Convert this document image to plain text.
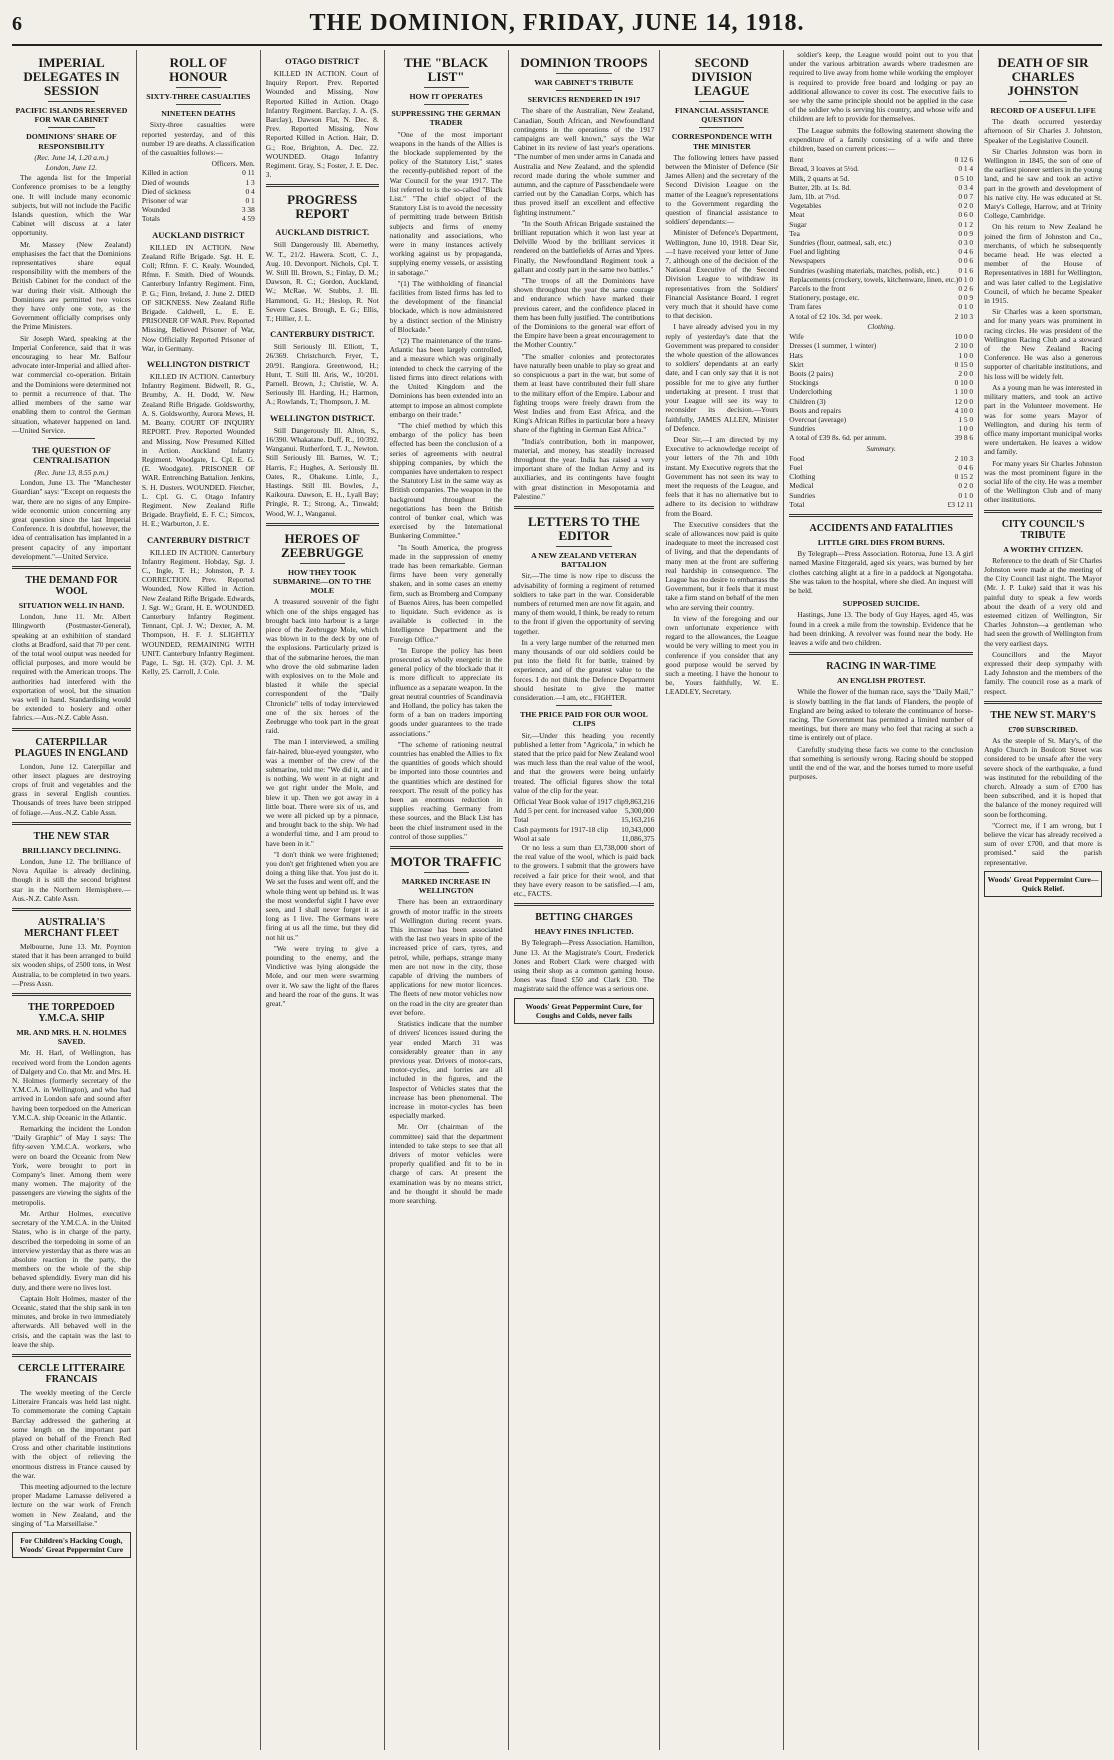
6	THE DOMINION, FRIDAY, JUNE 14, 1918.
IMPERIAL DELEGATES IN SESSION
PACIFIC ISLANDS RESERVED FOR WAR CABINET
DOMINIONS' SHARE OF RESPONSIBILITY
(Rec. June 14, 1.20 a.m.)
London, June 12.

The agenda list for the Imperial Conference promises to be a lengthy one. It will include many economic subjects, but will not include the Pacific Islands question, which the War Cabinet will discuss at a later opportunity.

Mr. Massey (New Zealand) emphasises the fact that the Dominions representatives share equal responsibility with the members of the British Cabinet for the conduct of the war during their visit. Although the Dominions are permitted two voices they have only one vote, as the Government officially comprises only the Prime Ministers.

Sir Joseph Ward, speaking at the Imperial Conference, said that it was encouraging to hear Mr. Balfour advocate inter-Imperial and allied after-war commercial co-operation. Britain and the Dominions were determined not to permit a recurrence of that. The allied members of the same war enabling them to control the German situation, whatever happened on land.—United Service.

THE QUESTION OF CENTRALISATION
(Rec. June 13, 8.55 p.m.)

London, June 13. The "Manchester Guardian" says: "Except on requests the war, there are no signs of any Empire-wide economic union concerning any great question since the last Imperial Conference. It is doubtful, however, the idea of centralisation has implanted in a present capacity of any important development."—United Service.

THE DEMAND FOR WOOL
SITUATION WELL IN HAND.

London, June 11. Mr. Albert Illingworth (Postmaster-General), speaking at an exhibition of standard cloths at Bradford, said that 70 per cent. of the total wool output was needed for official purposes, and more would be required with the American troops. The authorities had interfered with the exportation of wool, but the situation was well in hand. Standardising would be extended to hosiery and other fabrics.—Aus.-N.Z. Cable Assn.

CATERPILLAR PLAGUES IN ENGLAND

London, June 12. Caterpillar and other insect plagues are destroying crops of fruit and vegetables and the grass in several English counties. Thousands of trees have been stripped of foliage.—Aus.-N.Z. Cable Assn.

THE NEW STAR
BRILLIANCY DECLINING.

London, June 12. The brilliance of Nova Aquilae is already declining, though it is still the second brightest star in the Northern Hemisphere.—Aus.-N.Z. Cable Assn.

AUSTRALIA'S MERCHANT FLEET

Melbourne, June 13. Mr. Poynton stated that it has been arranged to build six wooden ships, of 2500 tons, in West Australia, to be completed in two years.—Press Assn.

THE TORPEDOED Y.M.C.A. SHIP
MR. AND MRS. H. N. HOLMES SAVED.

Mr. H. Harl, of Wellington, has received word from the London agents of Dalgety and Co. that Mr. and Mrs. H. N. Holmes (formerly secretary of the Y.M.C.A. in Wellington), and who had arrived in London safe and sound after having been torpedoed on the American Y.M.C.A. ship Oceanic in the Atlantic.

Remarking the incident the London "Daily Graphic" of May 1 says: The fifty-seven Y.M.C.A. workers, who were on board the Oceanic from New York, were brought to port in Company's liner. Among them were many women. The majority of the passengers are viewing the sights of the metropolis.

Mr. Arthur Holmes, executive secretary of the Y.M.C.A. in the United States, who is in charge of the party, described the torpedoing in some of an interview yesterday that as there was an absolute reaction in the party, the members on the whole of the ship behaved splendidly. Every man did his duty, and there were no lives lost.

Captain Holt Holmes, master of the Oceanic, stated that the ship sank in ten minutes, and broke in two immediately afterwards. All behaved well in the crisis, and the captain was the last to leave the ship.

CERCLE LITTERAIRE FRANCAIS

The weekly meeting of the Cercle Litteraire Francais was held last night. To commemorate the coming Captain Barclay addressed the gathering at some length on the important part played on behalf of the French Red Cross and other charitable institutions with the object of relieving the enormous distress in France caused by the war.

This meeting adjourned to the lecture proper Madame Lamasse delivered a lecture on the war work of French women in New Zealand, and the singing of "La Marseillaise."

For Children's Hacking Cough, Woods' Great Peppermint Cure
ROLL OF HONOUR
SIXTY-THREE CASUALTIES
NINETEEN DEATHS

Sixty-three casualties were reported yesterday, and of this number 19 are deaths. A classification of the casualties follows:—

Officers. Men.
Killed in action	0 11
Died of wounds	1 3
Died of sickness	0 4
Prisoner of war	0 1
Wounded	3 38
Totals	4 59
AUCKLAND DISTRICT

KILLED IN ACTION. New Zealand Rifle Brigade. Sgt. H. E. Coll; Rfmn. F. C. Kealy. Wounded, Rfmn. F. Smith. Died of Wounds. Canterbury Infantry Regiment. Finn, P. G.; Finn, Ireland, J. June 2. DIED OF SICKNESS. New Zealand Rifle Brigade. Caldwell, L. E. E. PRISONER OF WAR. Prev. Reported Missing, Believed Prisoner of War, Now Officially Reported Prisoner of War, in Germany.

WELLINGTON DISTRICT

KILLED IN ACTION. Canterbury Infantry Regiment. Bidwell, R. G., Brumby, A. H. Dodd, W. New Zealand Rifle Brigade. Goldsworthy, A. S. Goldsworthy, Aurora Mews, H. M. Beatty. COURT OF INQUIRY REPORT. Prev. Reported Wounded and Missing, Now Presumed Killed in Action. Auckland Infantry Regiment. Woodgate, L. Cpl. E. G. (E. Woodgate). PRISONER OF WAR. Entrenching Battalion. Jenkins, S. H. Dusters. WOUNDED. Fletcher, L. Cpl. G. C. Otago Infantry Regiment. New Zealand Rifle Brigade. Brayfield, E. F. C.; Simcox, H. E.; Warburton, J. E.

CANTERBURY DISTRICT

KILLED IN ACTION. Canterbury Infantry Regiment. Hobday, Sgt. J. C., Ingle, T. H.; Johnston, P. J. CORRECTION. Prev. Reported Wounded, Now Killed in Action. New Zealand Rifle Brigade. Edwards, J. Sgt. W.; Grant, H. E. WOUNDED. Canterbury Infantry Regiment. Tennant, Cpl. J. W.; Dexter, A. M. Thompson, H. F. J. SLIGHTLY WOUNDED, REMAINING WITH UNIT. Canterbury Infantry Regiment. Page, L. Sgt. H. (3/2). Cpl. J. M. Kelly, 25. Carroll, J. Cole.

OTAGO DISTRICT

KILLED IN ACTION. Court of Inquiry Report. Prev. Reported Wounded and Missing, Now Reported Killed in Action. Otago Infantry Regiment. Barclay, J. A. (S. Barclay), Dawson Flat, N. Dec. 8. Prev. Reported Missing, Now Reported Killed in Action. Hair, D. G.; Roe, Brighton, A. Dec. 22. WOUNDED. Otago Infantry Regiment. Gray, S.; Foster, J. E. Dec. 3.

PROGRESS REPORT
AUCKLAND DISTRICT.

Still Dangerously Ill. Abernethy, W. T., 21/2. Hawera. Scott, C. J., Aug. 10. Devonport. Nichols, Cpl. T. W. Still Ill. Brown, S.; Finlay, D. M.; Dawson, R. C.; Gordon, Auckland, W.; McRae, W. Stubbs, J. Ill. Hammond, G. H.; Heslop, R. Not Severe Cases. Brough, E. G.; Ellis, T.; Hillier, J. L.

CANTERBURY DISTRICT.

Still Seriously Ill. Elliott, T., 26/369. Christchurch. Fryer, T., 20/91. Rangiora. Greenwood, H.; Hunt, T. Still Ill. Aris, W., 10/201. Parnell. Brown, J.; Christie, W. A. Seriously Ill. Harding, H.; Harmon, A.; Rowlands, T.; Thompson, J. M.

WELLINGTON DISTRICT.

Still Dangerously Ill. Alton, S., 16/390. Whakatane. Duff, R., 10/392. Wanganui. Rutherford, T. J., Newton. Still Seriously Ill. Barnes, W. T.; Harris, F.; Hughes, A. Seriously Ill. Oates, R., Ohakune. Little, J., Hastings. Still Ill. Bowles, J., Kaikoura. Dawson, E. H., Lyall Bay; Pringle, R. T.; Strong, A., Tinwald; Wood, W. J., Wanganui.

HEROES OF ZEEBRUGGE
HOW THEY TOOK SUBMARINE—ON TO THE MOLE

A treasured souvenir of the fight which one of the ships engaged has brought back into harbour is a large piece of the Zeebrugge Mole, which was blown in to the deck by one of the explosions. Particularly prized is that of the submarine heroes, the man who drove the old submarine laden with explosives on to the Mole and blasted it while the special correspondent of the "Daily Chronicle" tells of today interviewed one of the six heroes of the Zeebrugge who took part in the great raid.

The man I interviewed, a smiling fair-haired, blue-eyed youngster, who was a member of the crew of the submarine, told me: "We did it, and it is nothing. We went in at night and we got right under the Mole, and blew it up. Then we got away in a little boat. There were six of us, and we were all picked up by a pinnace, and brought back to the ship. We had a wonderful time, and I am proud to have been in it."

"I don't think we were frightened; you don't get frightened when you are doing a thing like that. You just do it. We set the fuses and went off, and the whole thing went up behind us. It was the most wonderful sight I have ever seen, and I shall never forget it as long as I live. The Germans were firing at us all the time, but they did not hit us."

"We were trying to give a pounding to the enemy, and the Vindictive was lying alongside the Mole, and our men were swarming over it. We saw the light of the flares and heard the roar of the guns. It was great."

THE "BLACK LIST"
HOW IT OPERATES
SUPPRESSING THE GERMAN TRADER

"One of the most important weapons in the hands of the Allies is the blockade supplemented by the policy of the Statutory List," states the recently-published report of the War Council for the year 1917. The list referred to is the so-called "Black List." "The chief object of the Statutory List is to avoid the necessity of permitting trade between British subjects and firms of enemy nationality and associations, who were in many instances actively working against us by propaganda, supplying enemy vessels, or assisting in sabotage."

"(1) The withholding of financial facilities from listed firms has led to the development of the financial blockade, which is now administered by a distinct section of the Ministry of Blockade."

"(2) The maintenance of the trans-Atlantic has been largely controlled, and a measure which was originally intended to check the carrying of the listed firms into direct relations with the United Kingdom and the Dominions has been extended into an attempt to impose an almost complete embargo on their trade."

"The chief method by which this embargo of the policy has been effected has been the conclusion of a series of agreements with neutral shipping companies, by which the companies have undertaken to respect the Statutory List in the same way as British companies. The weapon in the background throughout the negotiations has been the British control of bunker coal, which was exercised by the International Bunkering Committee."

"In South America, the progress made in the suppression of enemy trade has been remarkable. German firms have been very generally shaken, and in some cases an enemy firm, such as Bromberg and Company of Buenos Aires, has been compelled to liquidate. Such evidence as is available is collected in the Intelligence Department and the Foreign Office."

"In Europe the policy has been prosecuted as wholly energetic in the general policy of the blockade that it is more difficult to appreciate its influence as a separate weapon. In the great neutral countries of Scandinavia and Holland, the policy has taken the form of a ban on traders importing goods under guarantees to the trade associations."

"The scheme of rationing neutral countries has enabled the Allies to fix the quantities of goods which should be imported into those countries and the quantities which are destined for reexport. The result of the policy has been an enormous reduction in supplies reaching Germany from these sources, and the Black List has been the chief instrument used in the control of those supplies."

MOTOR TRAFFIC
MARKED INCREASE IN WELLINGTON

There has been an extraordinary growth of motor traffic in the streets of Wellington during recent years. This increase has been associated with the last two years in spite of the increased price of cars, tyres, and petrol, while, perhaps, strange many men are not now in the city, those capable of driving the numbers of applications for new motor licences. The fleets of new motor vehicles now on the road in the city are greater than ever before.

Statistics indicate that the number of drivers' licences issued during the year ended March 31 was considerably greater than in any previous year. Drivers of motor-cars, motor-cycles, and lorries are all included in the figures, and the Inspector of Vehicles states that the increase has been phenomenal. The increase in motor-cycles has been especially marked.

Mr. Orr (chairman of the committee) said that the department intended to take steps to see that all drivers of motor vehicles were properly qualified and fit to be in charge of cars. At present the examination was by no means strict, and he thought it should be made more searching.

DOMINION TROOPS
WAR CABINET'S TRIBUTE
SERVICES RENDERED IN 1917

The share of the Australian, New Zealand, Canadian, South African, and Newfoundland contingents in the operations of the 1917 campaigns are well known," says the War Cabinet in its review of last year's operations. "The number of men under arms in Canada and Australia and New Zealand, and the splendid record made during the whole summer and autumn, and the capture of Passchendaele were carried out by the Canadian Corps, which has thus proved itself an excellent and effective fighting instrument."

"In the South African Brigade sustained the brilliant reputation which it won last year at Delville Wood by the brilliant services it rendered on the battlefields of Arras and Ypres. Finally, the Newfoundland Regiment took a gallant and costly part in the same two battles."

"The troops of all the Dominions have shown throughout the year the same courage and endurance which have marked their previous career, and the confidence placed in them has been fully justified. The contributions of the Dominions to the general war effort of the Empire have been a great encouragement to the Mother Country."

"The smaller colonies and protectorates have naturally been unable to play so great and so conspicuous a part in the war, but some of them at least have contributed their full share to the military effort of the Empire. Labour and fighting troops were freely drawn from the West Indies and from East Africa, and the King's African Rifles in particular bore a heavy share of the fighting in German East Africa."

"India's contribution, both in manpower, material, and money, has steadily increased throughout the year. India has raised a very important share of the Indian Army and its auxiliaries, and its contingents have fought with great distinction in Mesopotamia and Palestine."

LETTERS TO THE EDITOR
A NEW ZEALAND VETERAN BATTALION

Sir,—The time is now ripe to discuss the advisability of forming a regiment of returned soldiers to take part in the war. Considerable numbers of returned men are now fit again, and many of them would, I think, be ready to return to the front if given the opportunity of serving together.

In a very large number of the returned men many thousands of our old soldiers could be put into the field fit for battle, trained by experience, and of the greatest value to the forces. I do not think the Defence Department should hesitate to give the matter consideration.—I am, etc., FIGHTER.

THE PRICE PAID FOR OUR WOOL CLIPS

Sir,—Under this heading you recently published a letter from "Agricola," in which he stated that the price paid for New Zealand wool was much less than the real value of the wool, and that the growers were being unfairly treated. The official figures show the total value of the clip for the year.

Official Year Book value of 1917 clip 9,863,216
Add 5 per cent. for increased value 5,300,000
Total	15,163,216
Cash payments for 1917-18 clip 10,343,000
Wool at sale	11,086,375

Or no less a sum than £3,738,000 short of the real value of the wool, which is paid back to the growers. I submit that the growers have received a fair price for their wool, and that they have every reason to be satisfied.—I am, etc., FACTS.

BETTING CHARGES
HEAVY FINES INFLICTED.

By Telegraph—Press Association. Hamilton, June 13. At the Magistrate's Court, Frederick Jones and Robert Clark were charged with using their shop as a common gaming house. Jones was fined £50 and Clark £30. The magistrate said the offence was a serious one.

Woods' Great Peppermint Cure, for Coughs and Colds, never fails
SECOND DIVISION LEAGUE
FINANCIAL ASSISTANCE QUESTION
CORRESPONDENCE WITH THE MINISTER

The following letters have passed between the Minister of Defence (Sir James Allen) and the secretary of the Second Division League on the matter of the League's representations to the Government regarding the question of financial assistance to soldiers' dependants:—

Minister of Defence's Department, Wellington, June 10, 1918. Dear Sir,—I have received your letter of June 7, although one of the decision of the National Executive of the Second Division League to withdraw its representatives from the Soldiers' Financial Assistance Board. I regret very much that it should have come to that decision.

I have already advised you in my reply of yesterday's date that the Government was prepared to consider the whole question of the allowances to soldiers' dependants at an early date, and I can only say that it is not possible for me to give any further undertaking at present. I trust that your League will see its way to reconsider its decision.—Yours faithfully, JAMES ALLEN, Minister of Defence.

Dear Sir,—I am directed by my Executive to acknowledge receipt of your letters of the 7th and 10th instant. My Executive regrets that the Government has not seen its way to meet the requests of the League, and feels that it has no alternative but to adhere to its decision to withdraw from the Board.

The Executive considers that the scale of allowances now paid is quite inadequate to meet the increased cost of living, and that the dependants of many men at the front are suffering real hardship in consequence. The League has no desire to embarrass the Government, but it feels that it must take a firm stand on behalf of the men who are serving their country.

In view of the foregoing and our own unfortunate experience with regard to the allowances, the League would be very willing to meet you in conference if you consider that any good purpose would be served by such a meeting. I have the honour to be, Yours faithfully, W. E. LEADLEY, Secretary.

soldier's keep, the League would point out to you that under the various arbitration awards where tradesmen are required to live away from home while working the employer is required to provide free board and lodging or pay an additional allowance to cover its cost. The executive fails to see why the same principle should not be applied in the case of the soldier who is serving his country, and whose wife and children are left to provide for themselves.

The League submits the following statement showing the expenditure of a family consisting of a wife and three children, based on current prices:—

Rent	0 12 6
Bread, 3 loaves at 5½d.	0 1 4
Milk, 2 quarts at 5d.	0 5 10
Butter, 2lb. at 1s. 8d.	0 3 4
Jam, 1lb. at 7½d.	0 0 7
Vegetables	0 2 0
Meat	0 6 0
Sugar	0 1 2
Tea	0 0 9
Sundries (flour, oatmeal, salt, etc.)	0 3 0
Fuel and lighting	0 4 6
Newspapers	0 0 6
Sundries (washing materials, matches, polish, etc.)	0 1 6
Replacements (crockery, towels, kitchenware, linen, etc.) 0 1 0
Parcels to the front	0 2 6
Stationery, postage, etc.	0 0 9
Tram fares	0 1 0
A total of £2 10s. 3d. per week.	2 10 3
Clothing.
Wife	10 0 0
Dresses (1 summer, 1 winter)	2 10 0
Hats	1 0 0
Skirt	0 15 0
Boots (2 pairs)	2 0 0
Stockings	0 10 0
Underclothing	1 10 0
Children (3)	12 0 0
Boots and repairs	4 10 0
Overcoat (average)	1 5 0
Sundries	1 0 0
A total of £39 8s. 6d. per annum.	39 8 6
Summary.
Food	2 10 3
Fuel	0 4 6
Clothing	0 15 2
Medical	0 2 0
Sundries	0 1 0
Total	£3 12 11
ACCIDENTS AND FATALITIES
LITTLE GIRL DIES FROM BURNS.

By Telegraph—Press Association. Rotorua, June 13. A girl named Maxine Fitzgerald, aged six years, was burned by her clothes catching alight at a fire in a paddock at Ngongotaha. She was taken to the hospital, where she died. An inquest will be held.

SUPPOSED SUICIDE.

Hastings, June 13. The body of Guy Hayes, aged 45, was found in a creek a mile from the township. Evidence that he had been drinking. A revolver was found near the body. He leaves a wife and two children.

RACING IN WAR-TIME
AN ENGLISH PROTEST.

While the flower of the human race, says the "Daily Mail," is slowly battling in the flat lands of Flanders, the people of England are being asked to tolerate the continuance of horse-racing. The Government has permitted a limited number of meetings, but there are many who feel that racing at such a time is entirely out of place.

Carefully studying these facts we come to the conclusion that something is seriously wrong. Racing should be stopped until the end of the war, and the horses turned to more useful purposes.

DEATH OF SIR CHARLES JOHNSTON
RECORD OF A USEFUL LIFE

The death occurred yesterday afternoon of Sir Charles J. Johnston, Speaker of the Legislative Council.

Sir Charles Johnston was born in Wellington in 1845, the son of one of the earliest pioneer settlers in the young land, and he saw and took an active part in the growth and development of his native city. He was educated at St. Mary's College, Harrow, and at Trinity College, Cambridge.

On his return to New Zealand he joined the firm of Johnston and Co., merchants, of which he subsequently became head. He was elected a member of the House of Representatives in 1881 for Wellington, and was later called to the Legislative Council, of which he became Speaker in 1915.

Sir Charles was a keen sportsman, and for many years was prominent in racing circles. He was president of the Wellington Racing Club and a steward of the New Zealand Racing Conference. He was also a generous supporter of charitable institutions, and his loss will be widely felt.

As a young man he was interested in military matters, and took an active part in the Volunteer movement. He was for some years Mayor of Wellington, and during his term of office many important municipal works were undertaken. He leaves a widow and family.

For many years Sir Charles Johnston was the most prominent figure in the social life of the city. He was a member of the Wellington Club and of many other institutions.

CITY COUNCIL'S TRIBUTE
A WORTHY CITIZEN.

Reference to the death of Sir Charles Johnston were made at the meeting of the City Council last night. The Mayor (Mr. J. P. Luke) said that it was his painful duty to speak a few words about the death of a very old and esteemed citizen of Wellington, Sir Charles Johnston—a gentleman who had seen the growth of Wellington from the very earliest days.

Councillors and the Mayor expressed their deep sympathy with Lady Johnston and the members of the family. The council rose as a mark of respect.

THE NEW ST. MARY'S
£700 SUBSCRIBED.

As the steeple of St. Mary's, of the Anglo Church in Boulcott Street was considered to be unsafe after the very severe shock of the earthquake, a fund was instituted for the rebuilding of the church. Already a sum of £700 has been subscribed, and it is hoped that the balance of the money required will soon be forthcoming.

"Correct me, if I am wrong, but I believe the vicar has already received a sum of over £700, and that more is promised." said the parish representative.

Woods' Great Peppermint Cure—Quick Relief.
